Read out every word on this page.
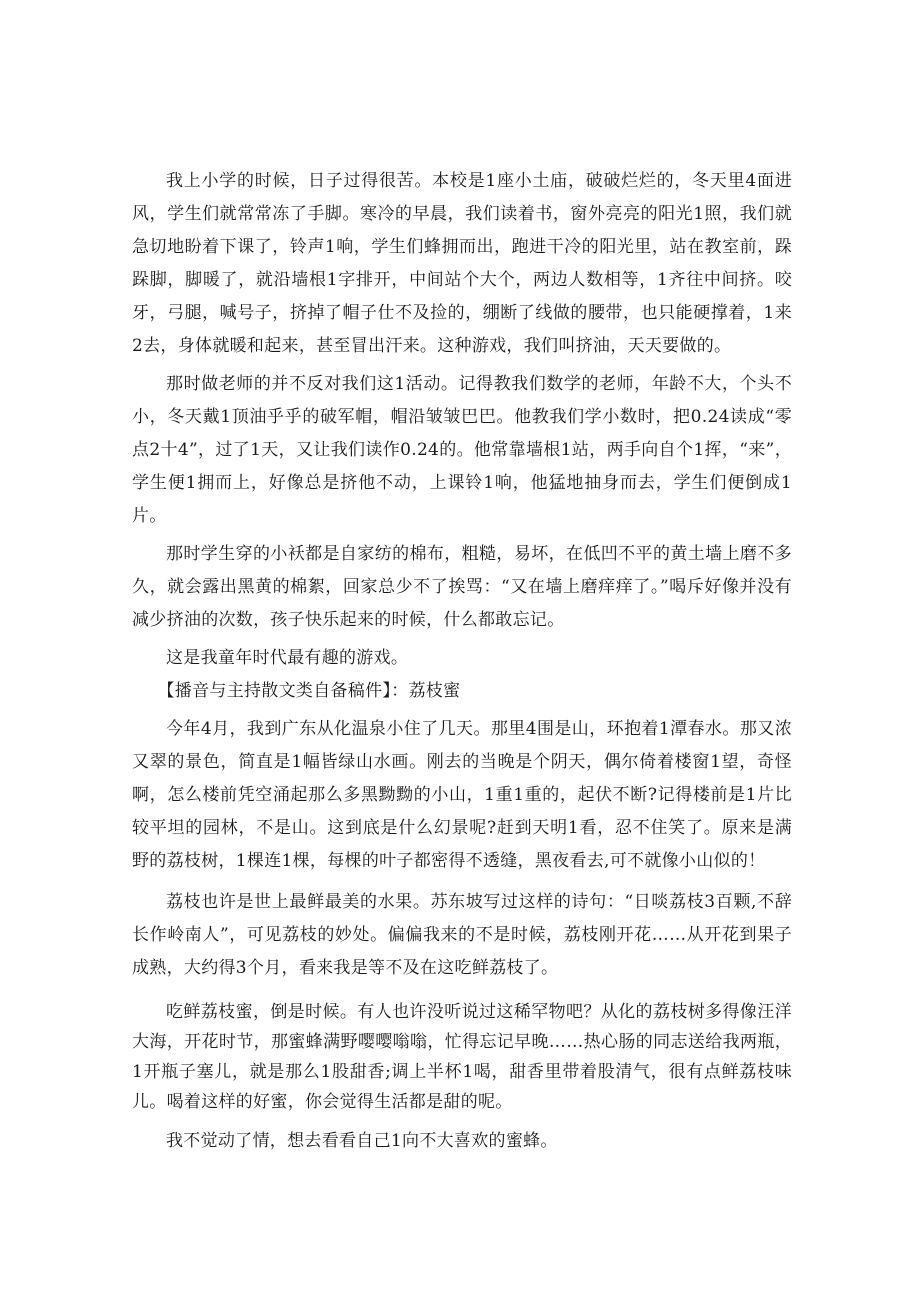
我上小学的时候，日子过得很苦。本校是1座小土庙，破破烂烂的，冬天里4面进风，学生们就常常冻了手脚。寒冷的早晨，我们读着书，窗外亮亮的阳光1照，我们就急切地盼着下课了，铃声1响，学生们蜂拥而出，跑进干冷的阳光里，站在教室前，跺跺脚，脚暖了，就沿墙根1字排开，中间站个大个，两边人数相等，1齐往中间挤。咬牙，弓腿，喊号子，挤掉了帽子仕不及捡的，绷断了线做的腰带，也只能硬撑着，1来2去，身体就暖和起来，甚至冒出汗来。这种游戏，我们叫挤油，天天要做的。

那时做老师的并不反对我们这1活动。记得教我们数学的老师，年龄不大，个头不小，冬天戴1顶油乎乎的破军帽，帽沿皱皱巴巴。他教我们学小数时，把0.24读成“零点2十4”，过了1天，又让我们读作0.24的。他常靠墙根1站，两手向自个1挥，“来”，学生便1拥而上，好像总是挤他不动，上课铃1响，他猛地抽身而去，学生们便倒成1片。

那时学生穿的小袄都是自家纺的棉布，粗糙，易坏，在低凹不平的黄土墙上磨不多久，就会露出黑黄的棉絮，回家总少不了挨骂：“又在墙上磨痒痒了。”喝斥好像并没有减少挤油的次数，孩子快乐起来的时候，什么都敢忘记。

这是我童年时代最有趣的游戏。

【播音与主持散文类自备稿件】：荔枝蜜

今年4月，我到广东从化温泉小住了几天。那里4围是山，环抱着1潭春水。那又浓又翠的景色，简直是1幅皆绿山水画。刚去的当晚是个阴天，偶尔倚着楼窗1望，奇怪啊，怎么楼前凭空涌起那么多黑黝黝的小山，1重1重的，起伏不断?记得楼前是1片比较平坦的园林，不是山。这到底是什么幻景呢?赶到天明1看，忍不住笑了。原来是满野的荔枝树，1棵连1棵，每棵的叶子都密得不透缝，黑夜看去,可不就像小山似的！

荔枝也许是世上最鲜最美的水果。苏东坡写过这样的诗句：“日啖荔枝3百颗,不辞长作岭南人”，可见荔枝的妙处。偏偏我来的不是时候，荔枝刚开花……从开花到果子成熟，大约得3个月，看来我是等不及在这吃鲜荔枝了。

吃鲜荔枝蜜，倒是时候。有人也许没听说过这稀罕物吧？从化的荔枝树多得像汪洋大海，开花时节，那蜜蜂满野嘤嘤嗡嗡，忙得忘记早晚……热心肠的同志送给我两瓶，1开瓶子塞儿，就是那么1股甜香;调上半杯1喝，甜香里带着股清气，很有点鲜荔枝味儿。喝着这样的好蜜，你会觉得生活都是甜的呢。

我不觉动了情，想去看看自己1向不大喜欢的蜜蜂。
